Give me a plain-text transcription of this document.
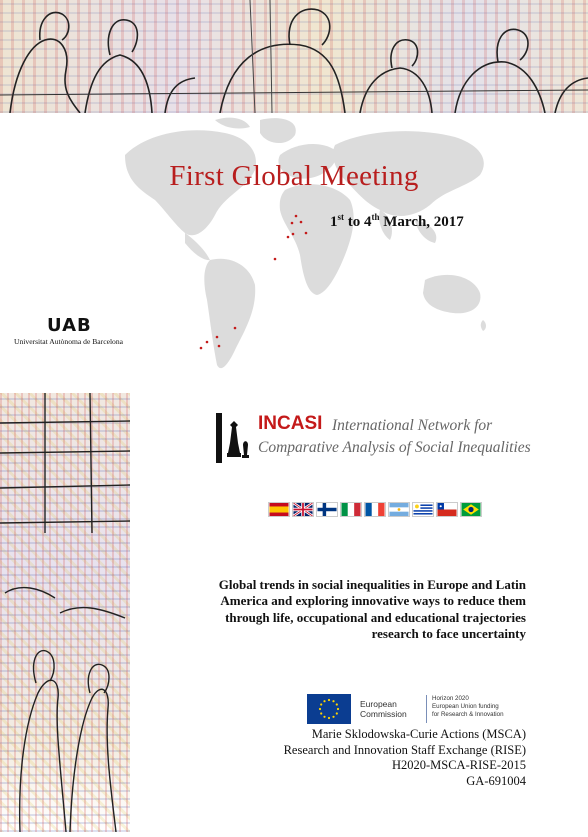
First Global Meeting
1st to 4th March, 2017
UAB
Universitat Autònoma de Barcelona
INCASI International Network for
Comparative Analysis of Social Inequalities
Global trends in social inequalities in Europe and Latin America and exploring innovative ways to reduce them through life, occupational and educational trajectories research to face uncertainty
European
Commission
Horizon 2020
European Union funding
for Research & Innovation
Marie Sklodowska-Curie Actions (MSCA)
Research and Innovation Staff Exchange (RISE)
H2020-MSCA-RISE-2015
GA-691004
